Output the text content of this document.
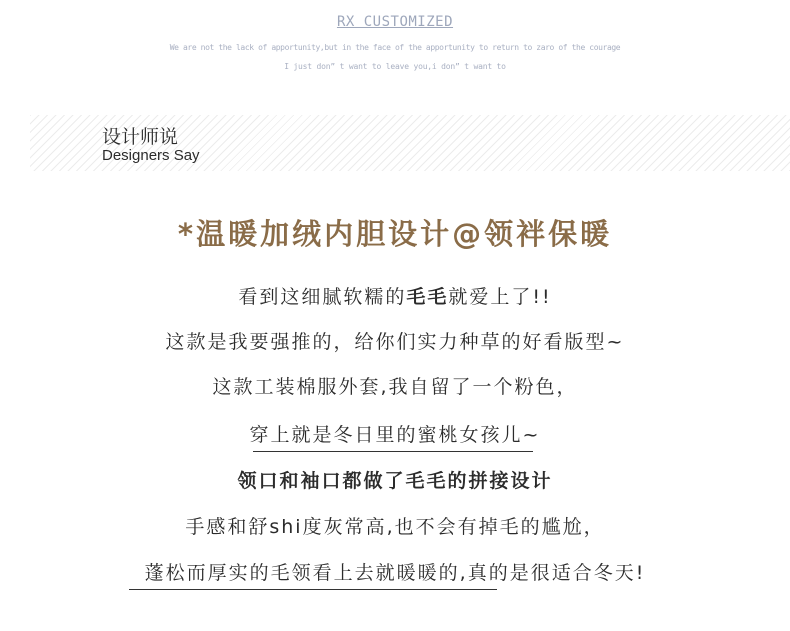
RX CUSTOMIZED
We are not the lack of apportunity,but in the face of the apportunity to return to zaro of the courage
I just don” t want to leave you,i don” t want to
设计师说
Designers Say
*温暖加绒内胆设计@领袢保暖
看到这细腻软糯的毛毛就爱上了!!
这款是我要强推的，给你们实力种草的好看版型~
这款工装棉服外套,我自留了一个粉色，
穿上就是冬日里的蜜桃女孩儿~
领口和袖口都做了毛毛的拼接设计
手感和舒shi度灰常高,也不会有掉毛的尴尬，
蓬松而厚实的毛领看上去就暖暖的,真的是很适合冬天!
